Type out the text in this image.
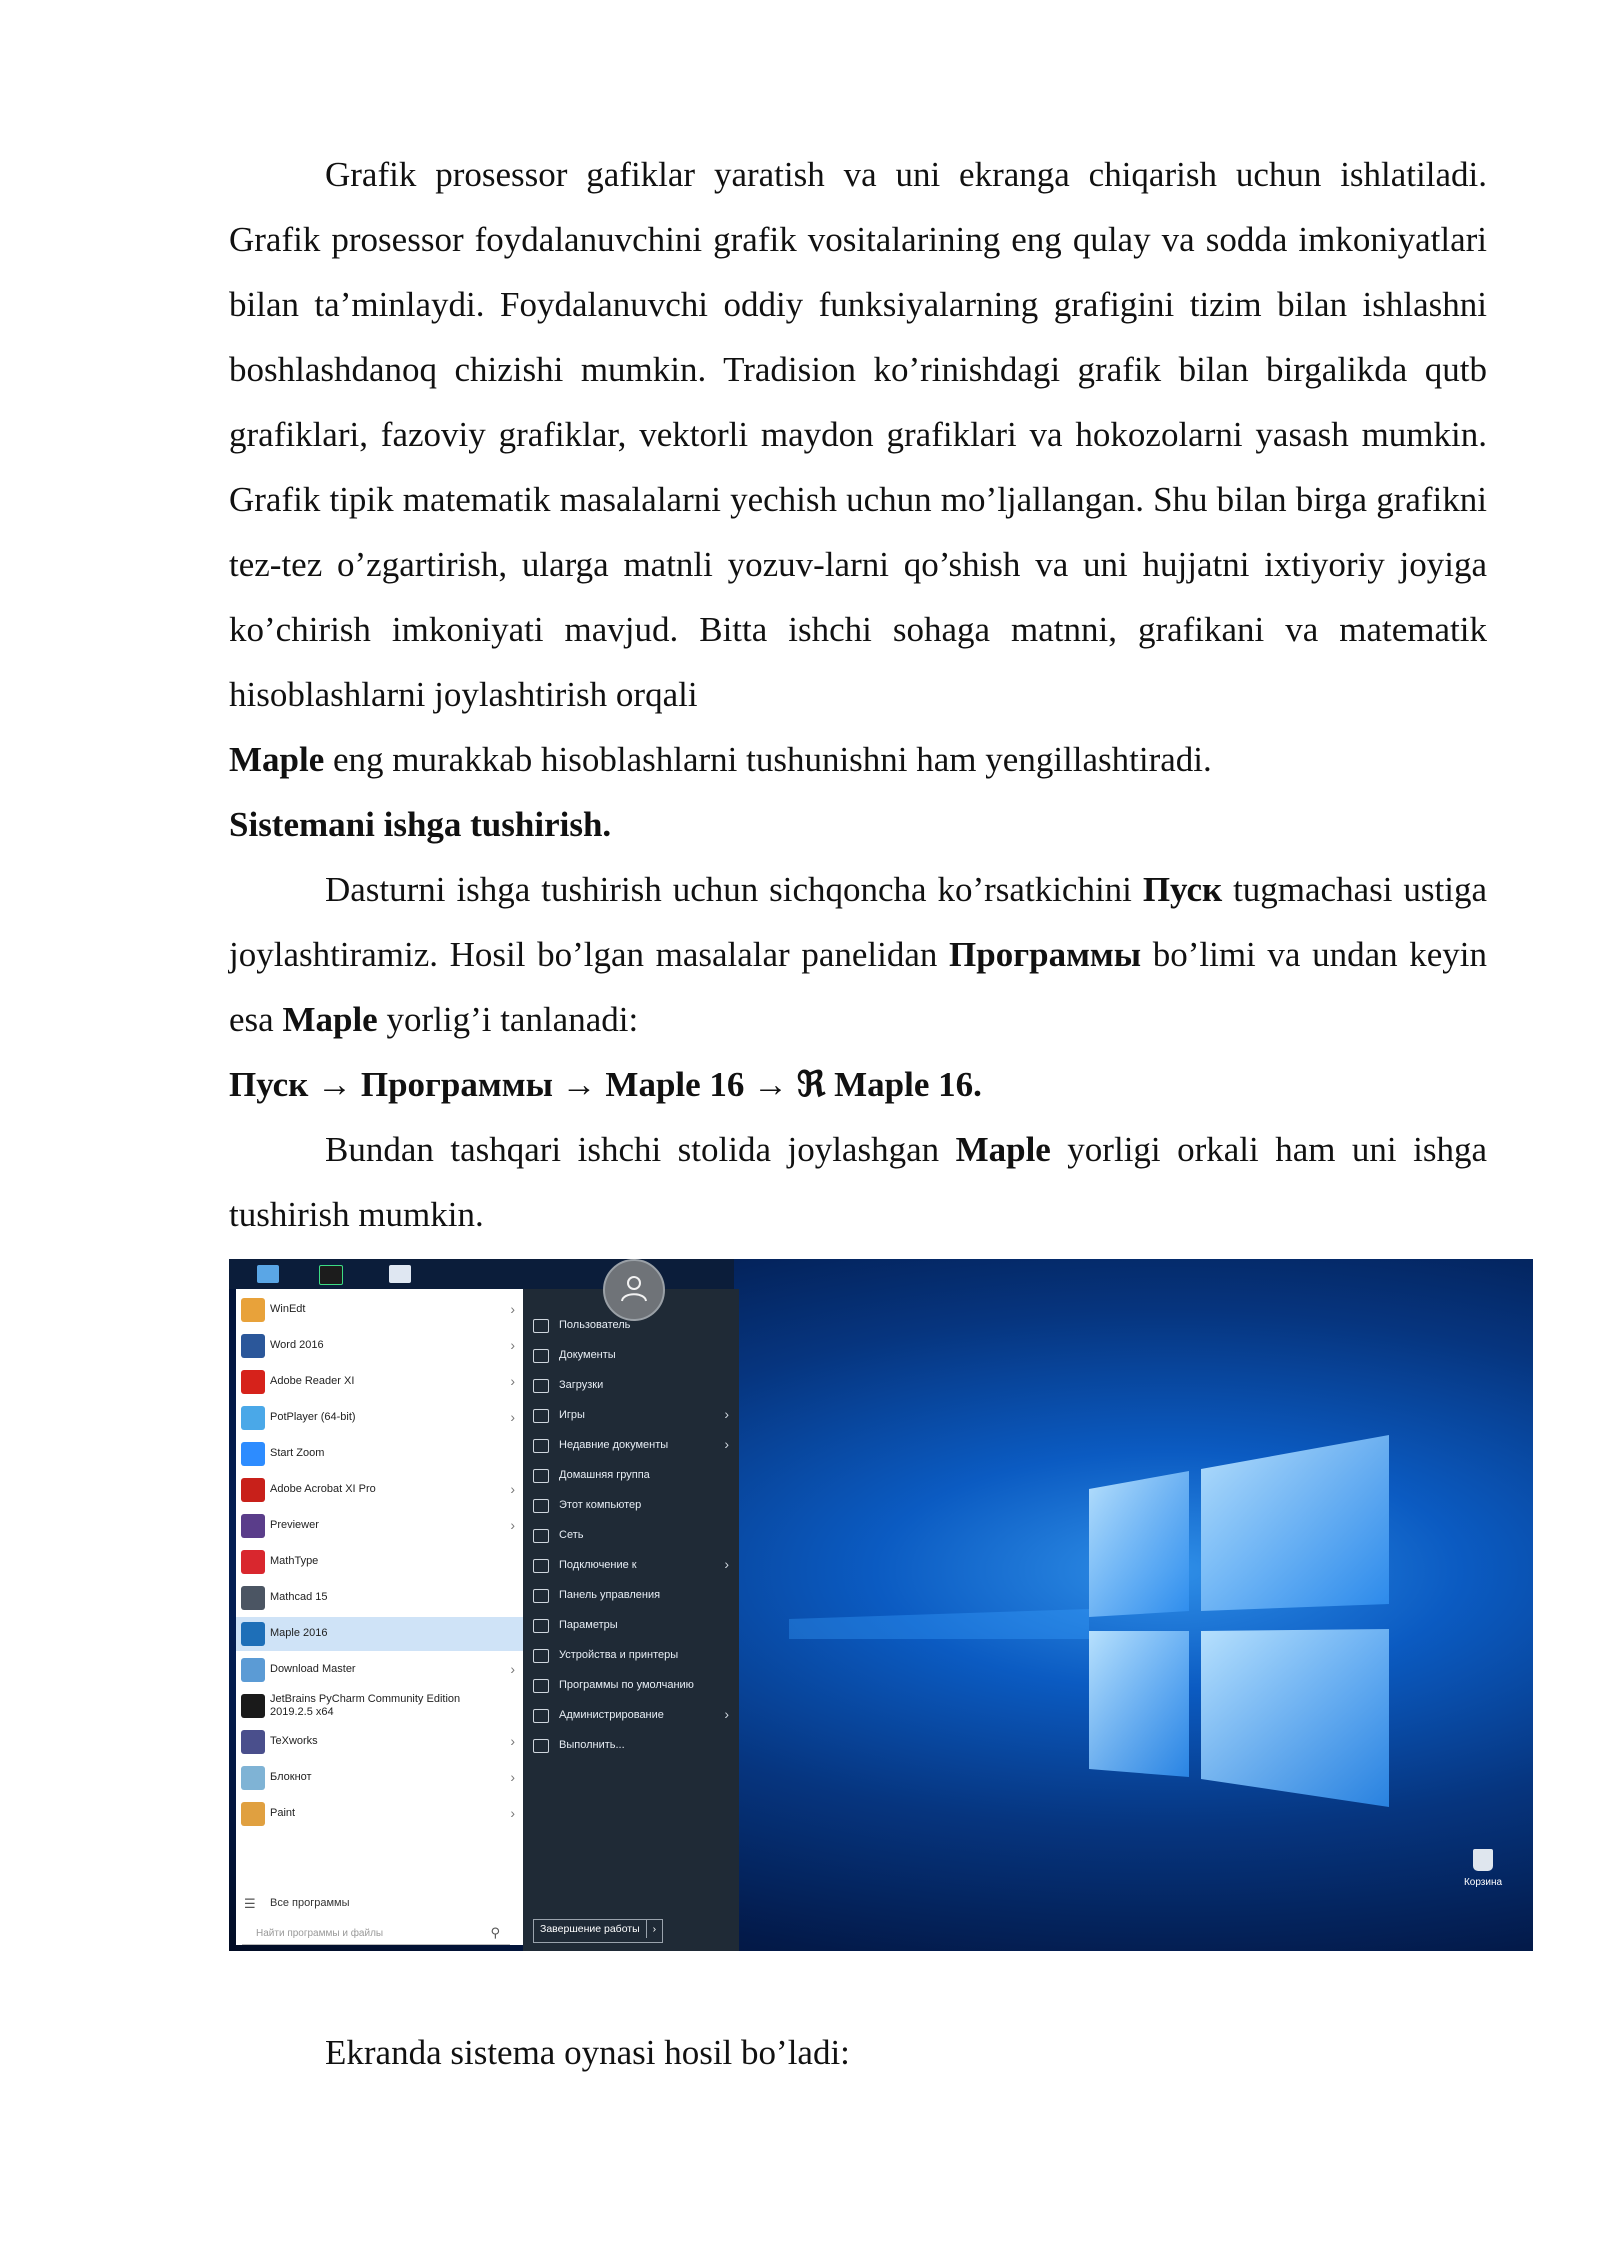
Grafik prosessor gafiklar yaratish va uni ekranga chiqarish uchun ishlatiladi. Grafik prosessor foydalanuvchini grafik vositalarining eng qulay va sodda imkoniyatlari bilan ta’minlaydi. Foydalanuvchi oddiy funksiyalarning grafigini tizim bilan ishlashni boshlashdanoq chizishi mumkin. Tradision ko’rinishdagi grafik bilan birgalikda qutb grafiklari, fazoviy grafiklar, vektorli maydon grafiklari va hokozolarni yasash mumkin. Grafik tipik matematik masalalarni yechish uchun mo’ljallangan. Shu bilan birga grafikni tez-tez o’zgartirish, ularga matnli yozuv-larni qo’shish va uni hujjatni ixtiyoriy joyiga ko’chirish imkoniyati mavjud. Bitta ishchi sohaga matnni, grafikani va matematik hisoblashlarni joylashtirish orqali
Maple eng murakkab hisoblashlarni tushunishni ham yengillashtiradi.

Sistemani ishga tushirish.

Dasturni ishga tushirish uchun sichqoncha ko’rsatkichini Пуск tugmachasi ustiga joylashtiramiz. Hosil bo’lgan masalalar panelidan Программы bo’limi va undan keyin esa Maple yorlig’i tanlanadi:

Пуск → Программы → Maple 16 → ℜ Maple 16.

Bundan tashqari ishchi stolida joylashgan Maple yorligi orkali ham uni ishga tushirish mumkin.

WinEdt	›
Word 2016	›
Adobe Reader XI	›
PotPlayer (64-bit)	›
Start Zoom
Adobe Acrobat XI Pro	›
Previewer	›
MathType
Mathcad 15
Maple 2016
Download Master	›
JetBrains PyCharm Community Edition

2019.2.5 x64
TeXworks	›
Блокнот	›
Paint	›
☰ Все программы
Найти программы и файлы	⚲	Завершение работы ›
Пользователь
Документы
Загрузки
Игры	›
Недавние документы	›
Домашняя группа
Этот компьютер
Сеть
Подключение к	›
Панель управления
Параметры
Устройства и принтеры
Программы по умолчанию
Администрирование	›
Выполнить...
Корзина

Ekranda sistema oynasi hosil bo’ladi:
